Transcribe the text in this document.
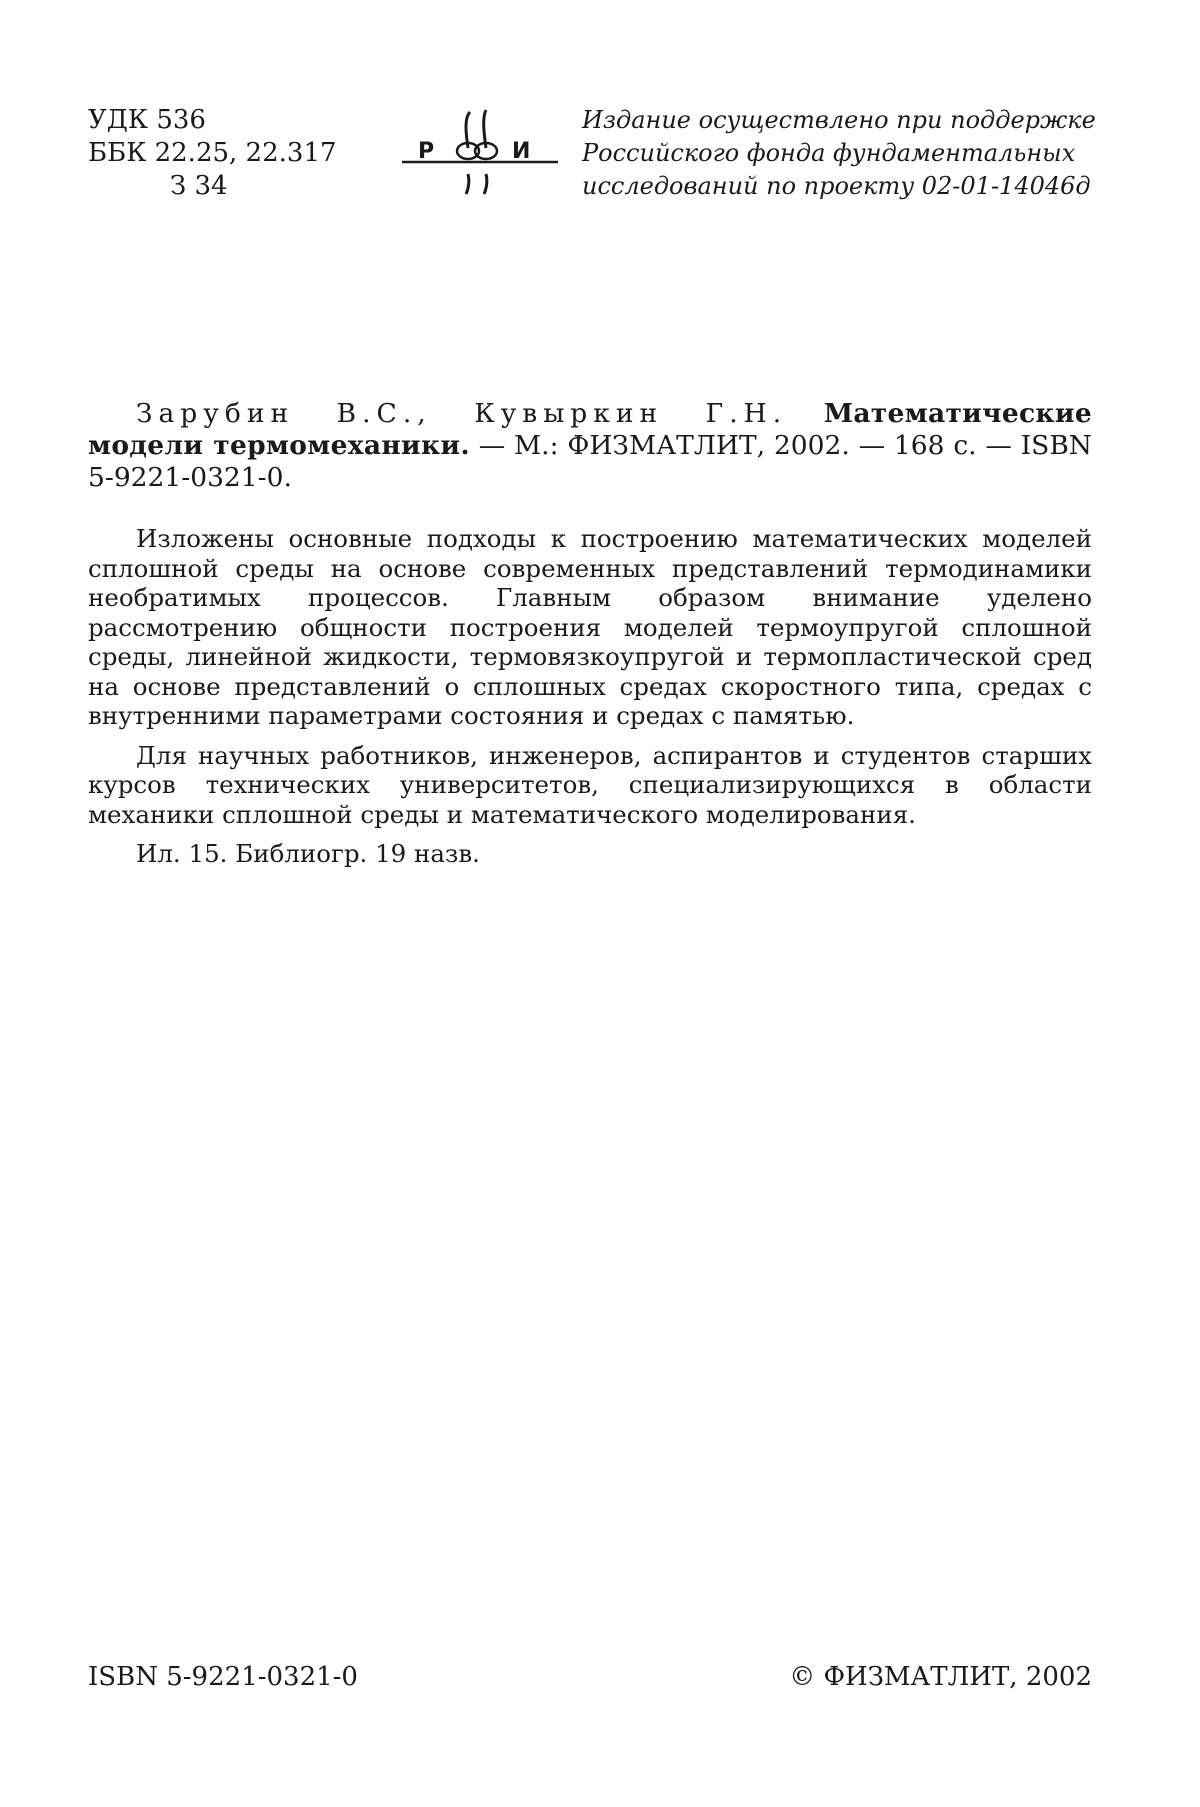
УДК 536
ББК 22.25, 22.317
З 34
Р	И
Издание осуществлено при поддержке
Российского фонда фундаментальных
исследований по проекту 02-01-14046д
Зарубин В.С., Кувыркин Г.Н. Математические модели термомеханики. — М.: ФИЗМАТЛИТ, 2002. — 168 с. — ISBN 5-9221-0321-0.

Изложены основные подходы к построению математических моделей сплошной среды на основе современных представлений термодинамики необратимых процессов. Главным образом внимание уделено рассмотрению общности построения моделей термоупругой сплошной среды, линейной жидкости, термовязкоупругой и термопластической сред на основе представлений о сплошных средах скоростного типа, средах с внутренними параметрами состояния и средах с памятью.

Для научных работников, инженеров, аспирантов и студентов старших курсов технических университетов, специализирующихся в области механики сплошной среды и математического моделирования.

Ил. 15. Библиогр. 19 назв.

ISBN 5-9221-0321-0	© ФИЗМАТЛИТ, 2002
